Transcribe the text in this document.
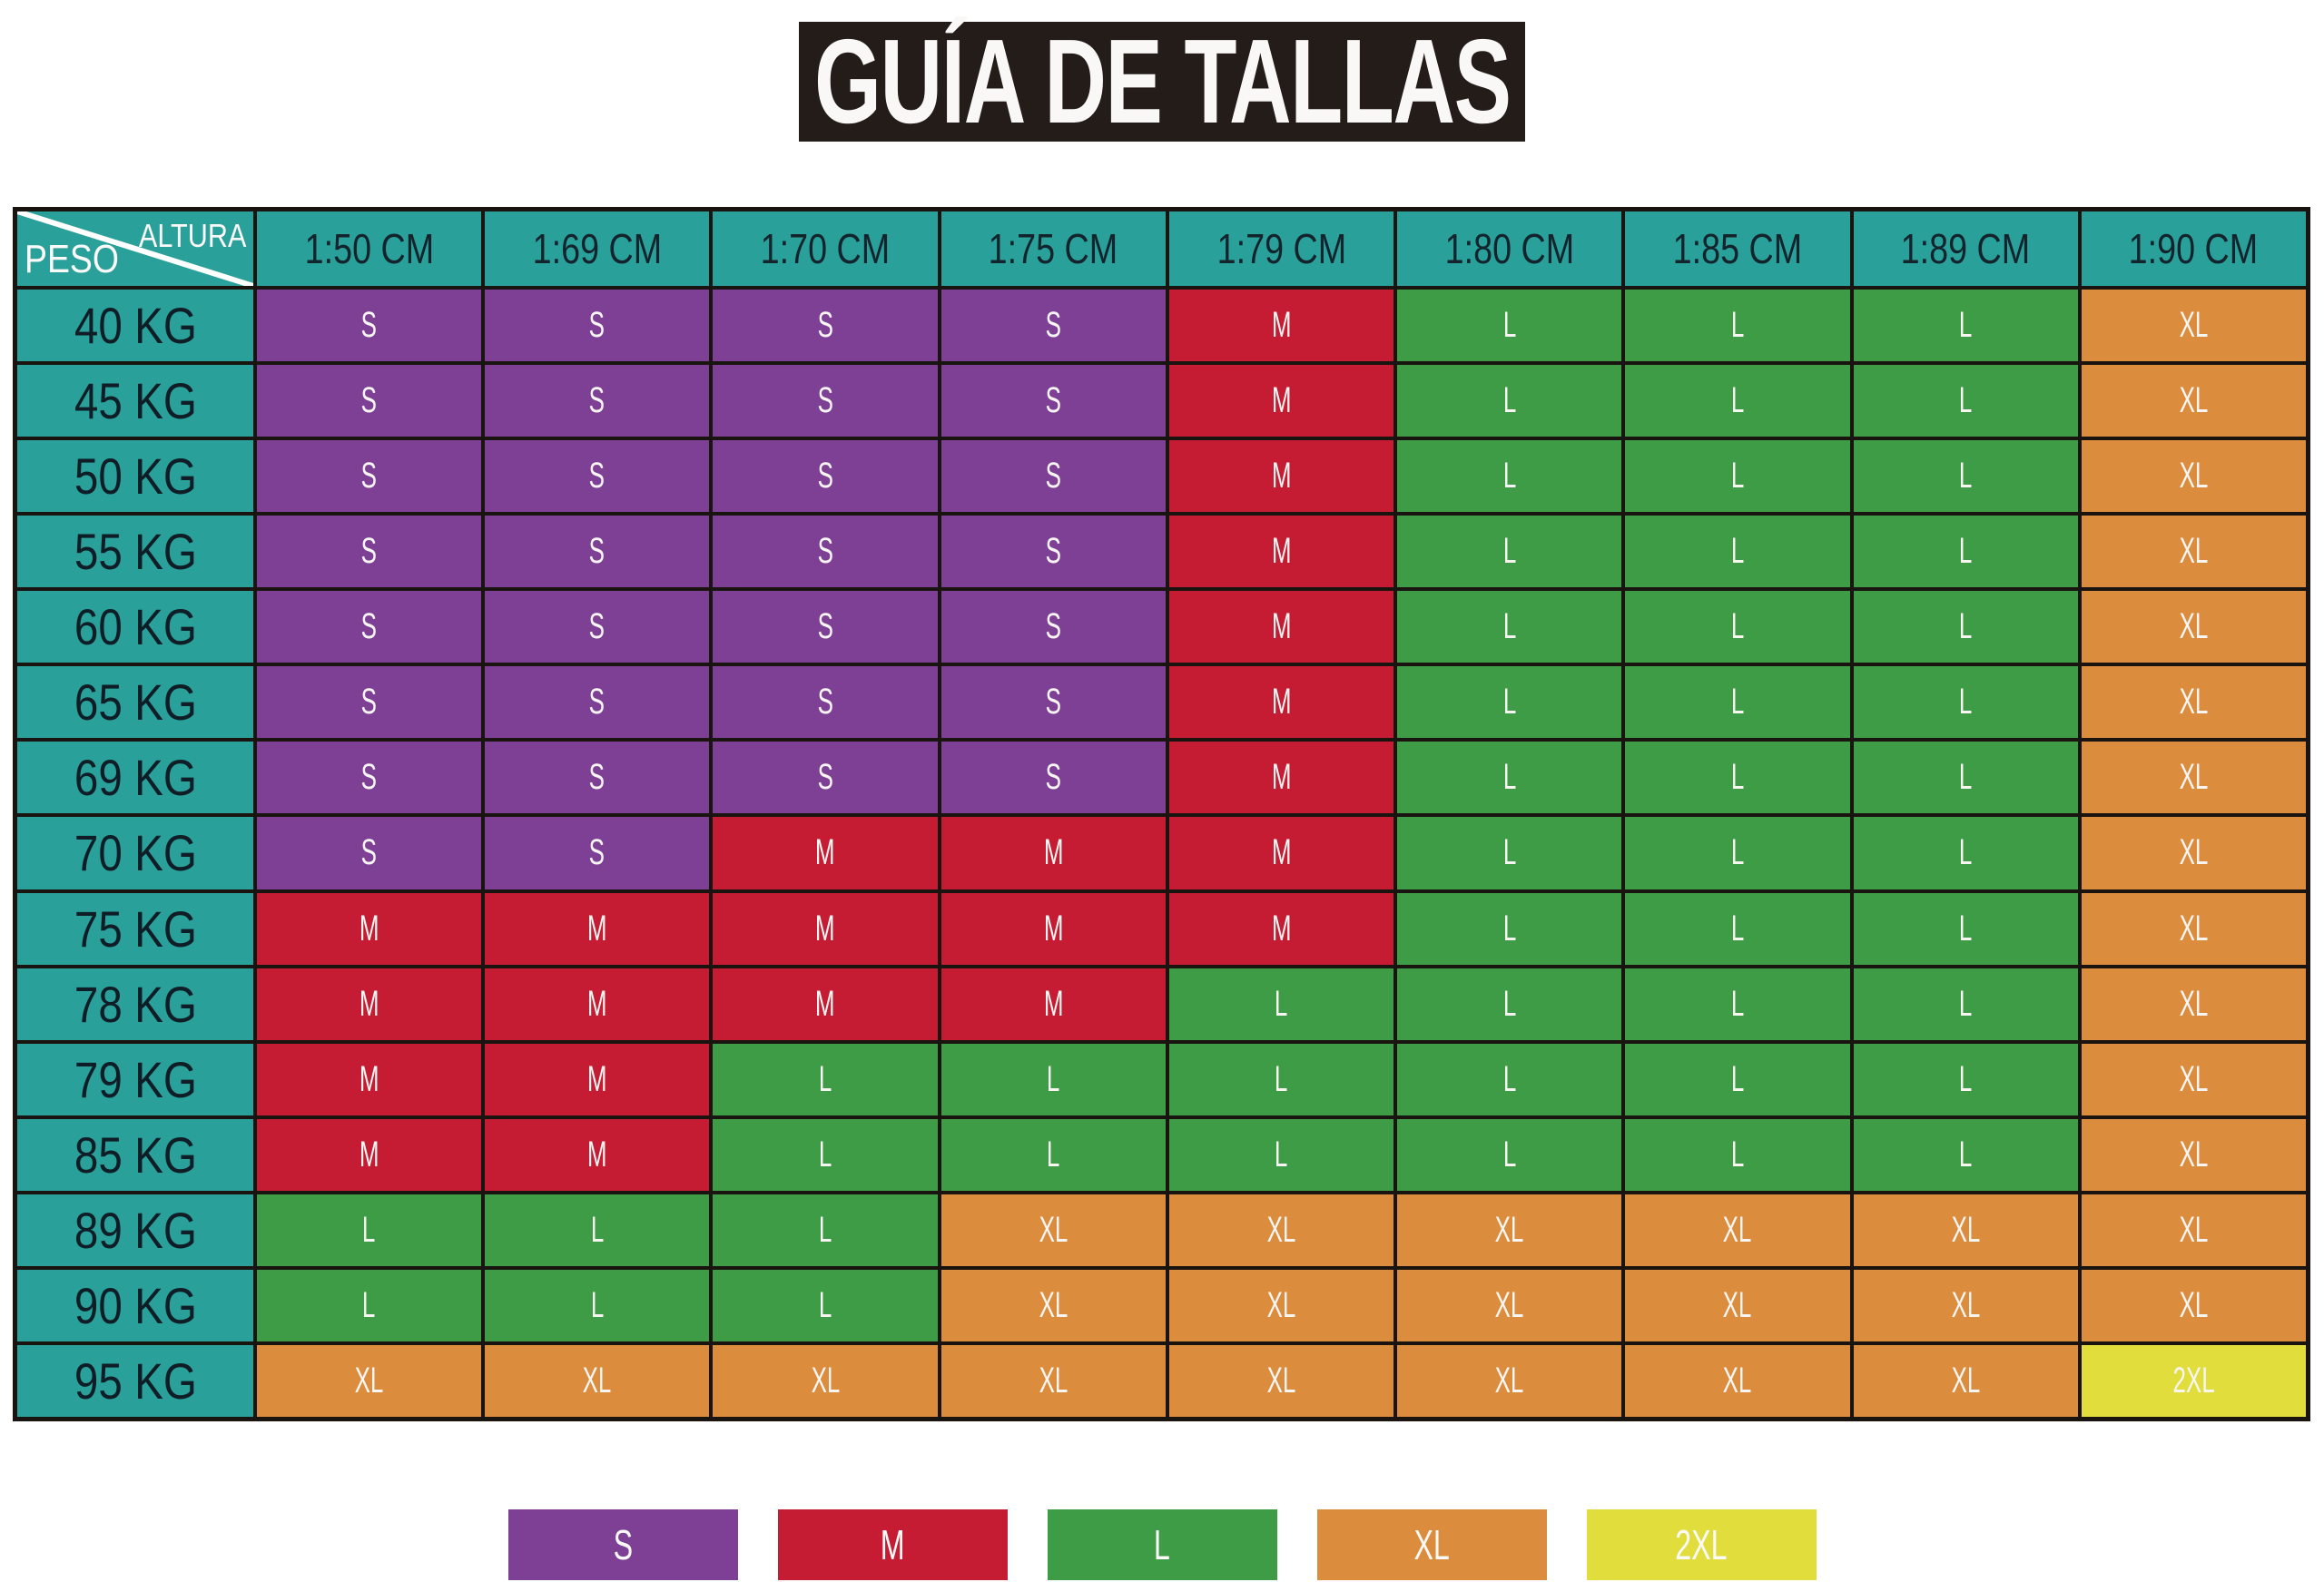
GUÍA DE TALLAS
ALTURA
PESO	1:50 CM 1:69 CM 1:70 CM 1:75 CM 1:79 CM 1:80 CM 1:85 CM 1:89 CM 1:90 CM
40 KG	S	S	S	S	M	L	L	L	XL
45 KG	S	S	S	S	M	L	L	L	XL
50 KG	S	S	S	S	M	L	L	L	XL
55 KG	S	S	S	S	M	L	L	L	XL
60 KG	S	S	S	S	M	L	L	L	XL
65 KG	S	S	S	S	M	L	L	L	XL
69 KG	S	S	S	S	M	L	L	L	XL
70 KG	S	S	M	M	M	L	L	L	XL
75 KG	M	M	M	M	M	L	L	L	XL
78 KG	M	M	M	M	L	L	L	L	XL
79 KG	M	M	L	L	L	L	L	L	XL
85 KG	M	M	L	L	L	L	L	L	XL
89 KG	L	L	L	XL	XL	XL	XL	XL	XL
90 KG	L	L	L	XL	XL	XL	XL	XL	XL
95 KG	XL	XL	XL	XL	XL	XL	XL	XL	2XL
S	M	L	XL	2XL
